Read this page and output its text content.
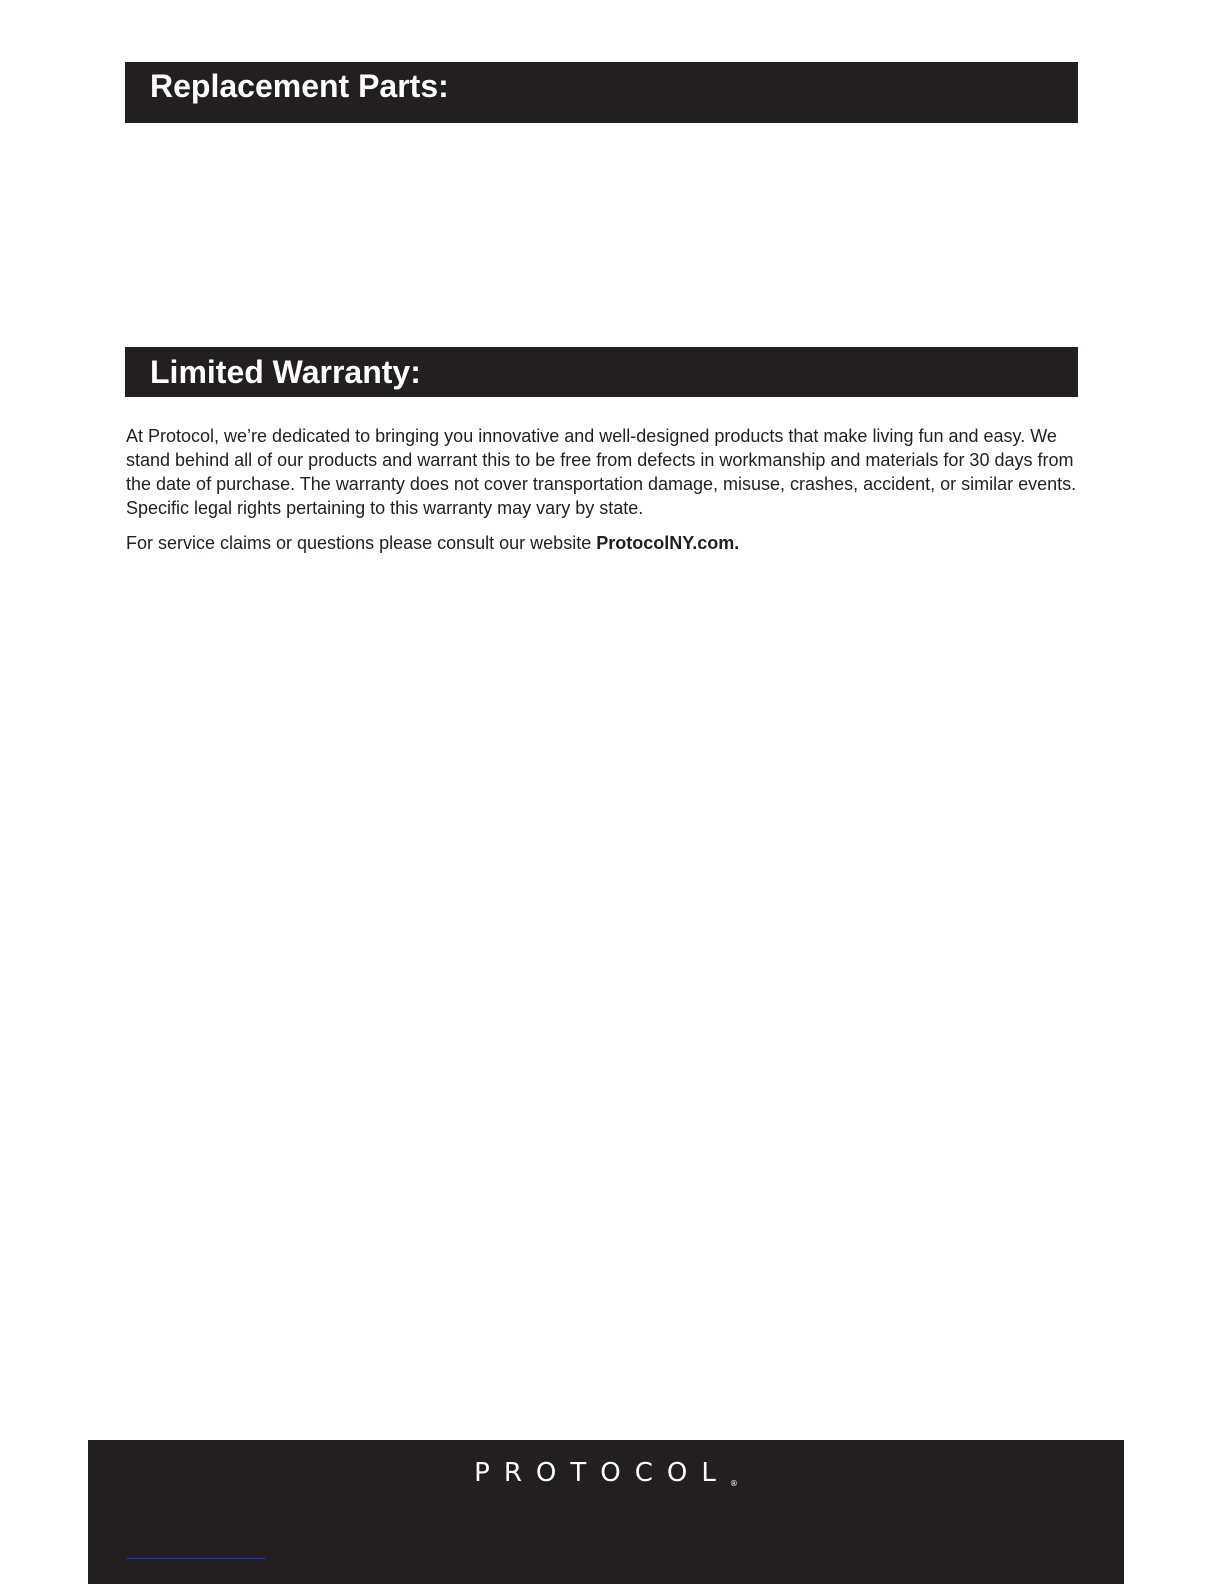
Replacement Parts:
Limited Warranty:

At Protocol, we’re dedicated to bringing you innovative and well-designed products that make living fun and easy. We stand behind all of our products and warrant this to be free from defects in workmanship and materials for 30 days from the date of purchase. The warranty does not cover transportation damage, misuse, crashes, accident, or similar events. Specific legal rights pertaining to this warranty may vary by state.

For service claims or questions please consult our website ProtocolNY.com.

PROTOCOL®
